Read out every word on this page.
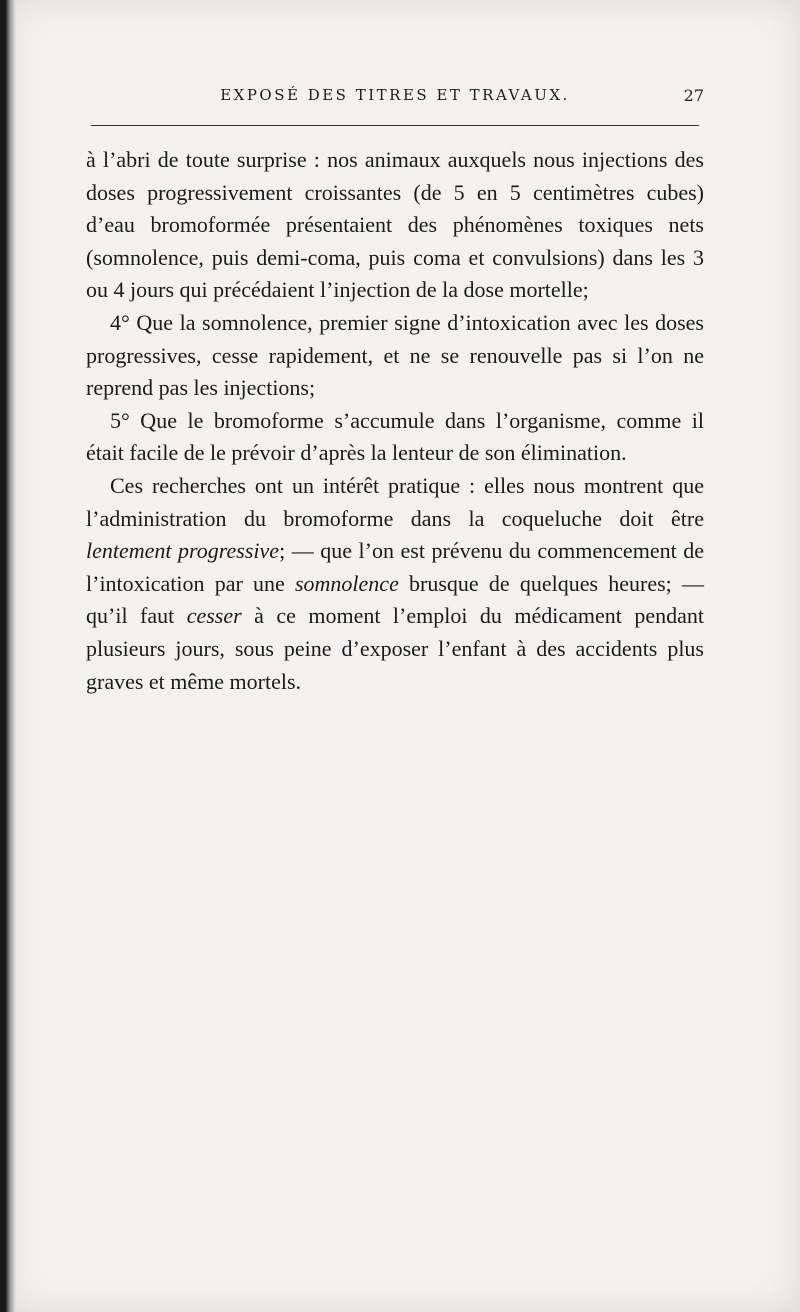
EXPOSÉ DES TITRES ET TRAVAUX.	27

à l’abri de toute surprise : nos animaux auxquels nous injections des doses progressivement croissantes (de 5 en 5 centimètres cubes) d’eau bromoformée présentaient des phénomènes toxiques nets (somnolence, puis demi-coma, puis coma et convulsions) dans les 3 ou 4 jours qui précédaient l’injection de la dose mortelle;

4° Que la somnolence, premier signe d’intoxication avec les doses progressives, cesse rapidement, et ne se renouvelle pas si l’on ne reprend pas les injections;

5° Que le bromoforme s’accumule dans l’organisme, comme il était facile de le prévoir d’après la lenteur de son élimination.

Ces recherches ont un intérêt pratique : elles nous montrent que l’administration du bromoforme dans la coqueluche doit être lentement progressive; — que l’on est prévenu du commencement de l’intoxication par une somnolence brusque de quelques heures; — qu’il faut cesser à ce moment l’emploi du médicament pendant plusieurs jours, sous peine d’exposer l’enfant à des accidents plus graves et même mortels.
